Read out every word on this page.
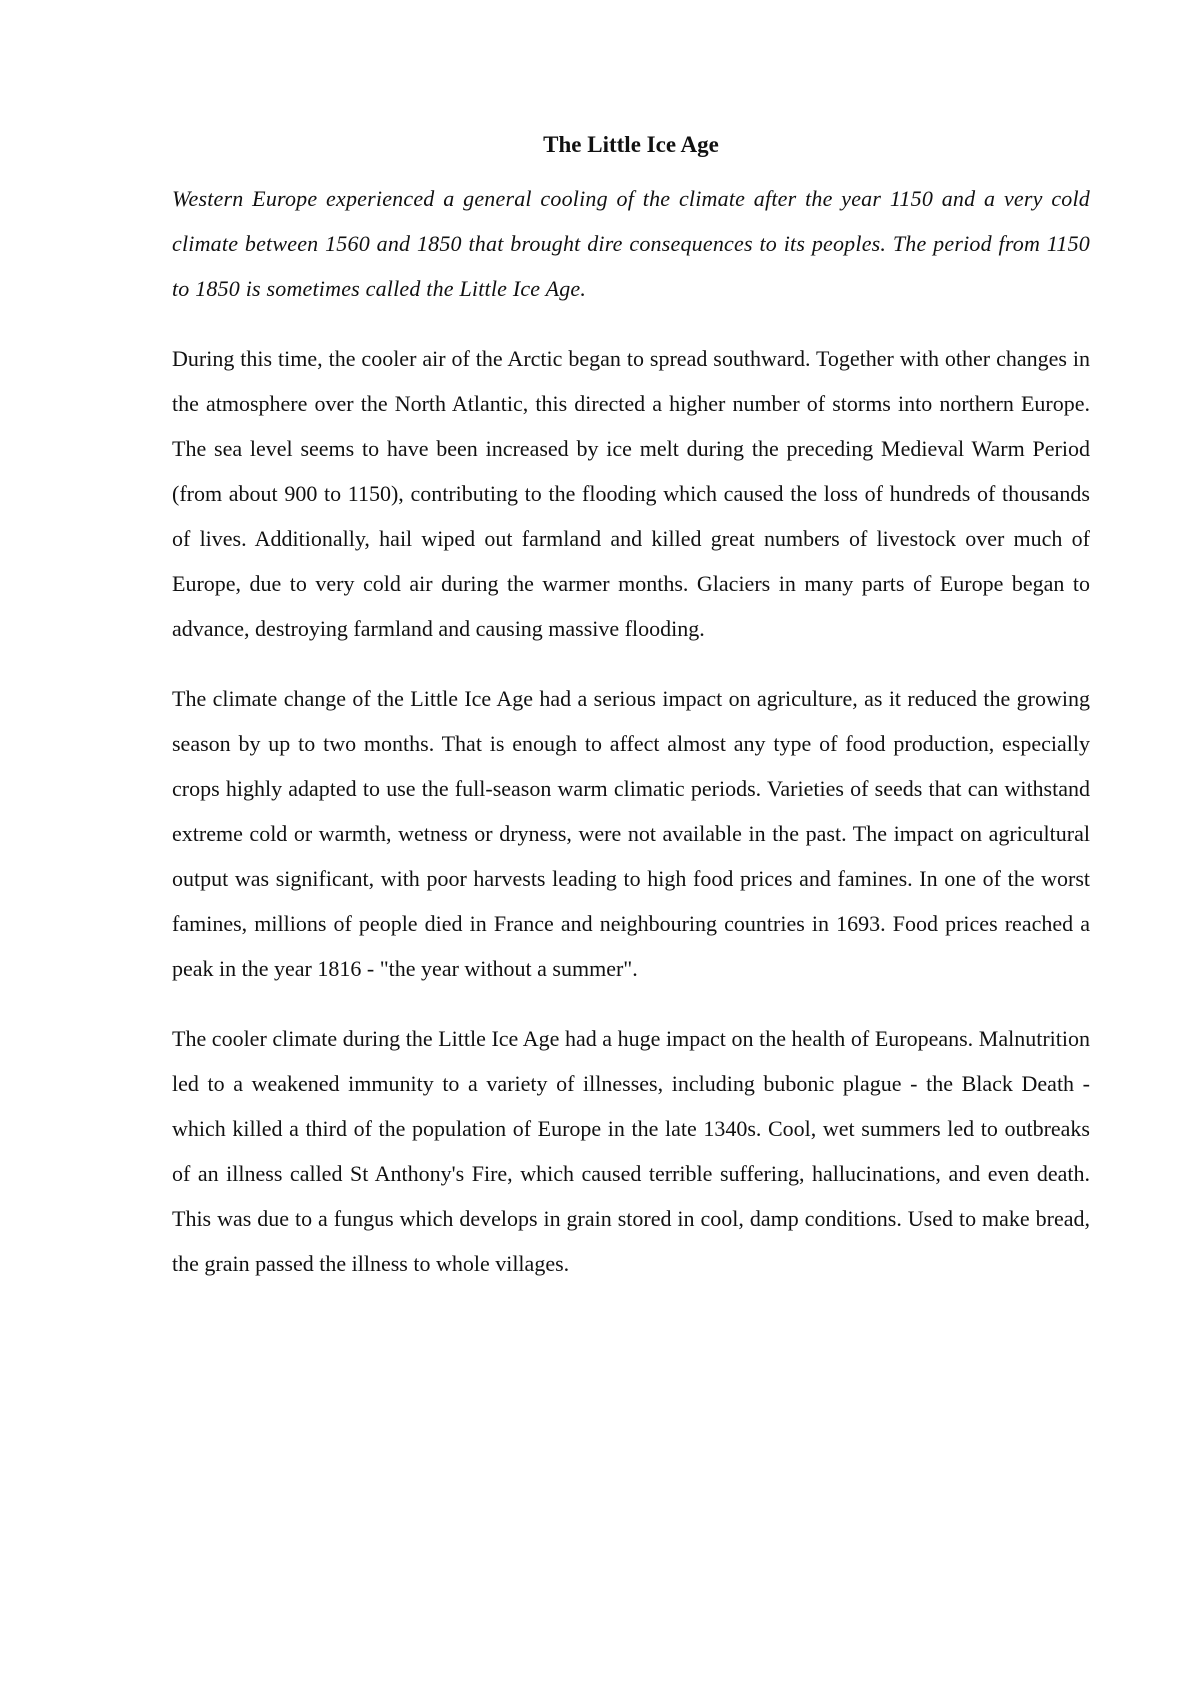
The Little Ice Age

Western Europe experienced a general cooling of the climate after the year 1150 and a very cold climate between 1560 and 1850 that brought dire consequences to its peoples. The period from 1150 to 1850 is sometimes called the Little Ice Age.

During this time, the cooler air of the Arctic began to spread southward. Together with other changes in the atmosphere over the North Atlantic, this directed a higher number of storms into northern Europe. The sea level seems to have been increased by ice melt during the preceding Medieval Warm Period (from about 900 to 1150), contributing to the flooding which caused the loss of hundreds of thousands of lives. Additionally, hail wiped out farmland and killed great numbers of livestock over much of Europe, due to very cold air during the warmer months. Glaciers in many parts of Europe began to advance, destroying farmland and causing massive flooding.

The climate change of the Little Ice Age had a serious impact on agriculture, as it reduced the growing season by up to two months. That is enough to affect almost any type of food production, especially crops highly adapted to use the full-season warm climatic periods. Varieties of seeds that can withstand extreme cold or warmth, wetness or dryness, were not available in the past. The impact on agricultural output was significant, with poor harvests leading to high food prices and famines. In one of the worst famines, millions of people died in France and neighbouring countries in 1693. Food prices reached a peak in the year 1816 - "the year without a summer".

The cooler climate during the Little Ice Age had a huge impact on the health of Europeans. Malnutrition led to a weakened immunity to a variety of illnesses, including bubonic plague - the Black Death - which killed a third of the population of Europe in the late 1340s. Cool, wet summers led to outbreaks of an illness called St Anthony's Fire, which caused terrible suffering, hallucinations, and even death. This was due to a fungus which develops in grain stored in cool, damp conditions. Used to make bread, the grain passed the illness to whole villages.
